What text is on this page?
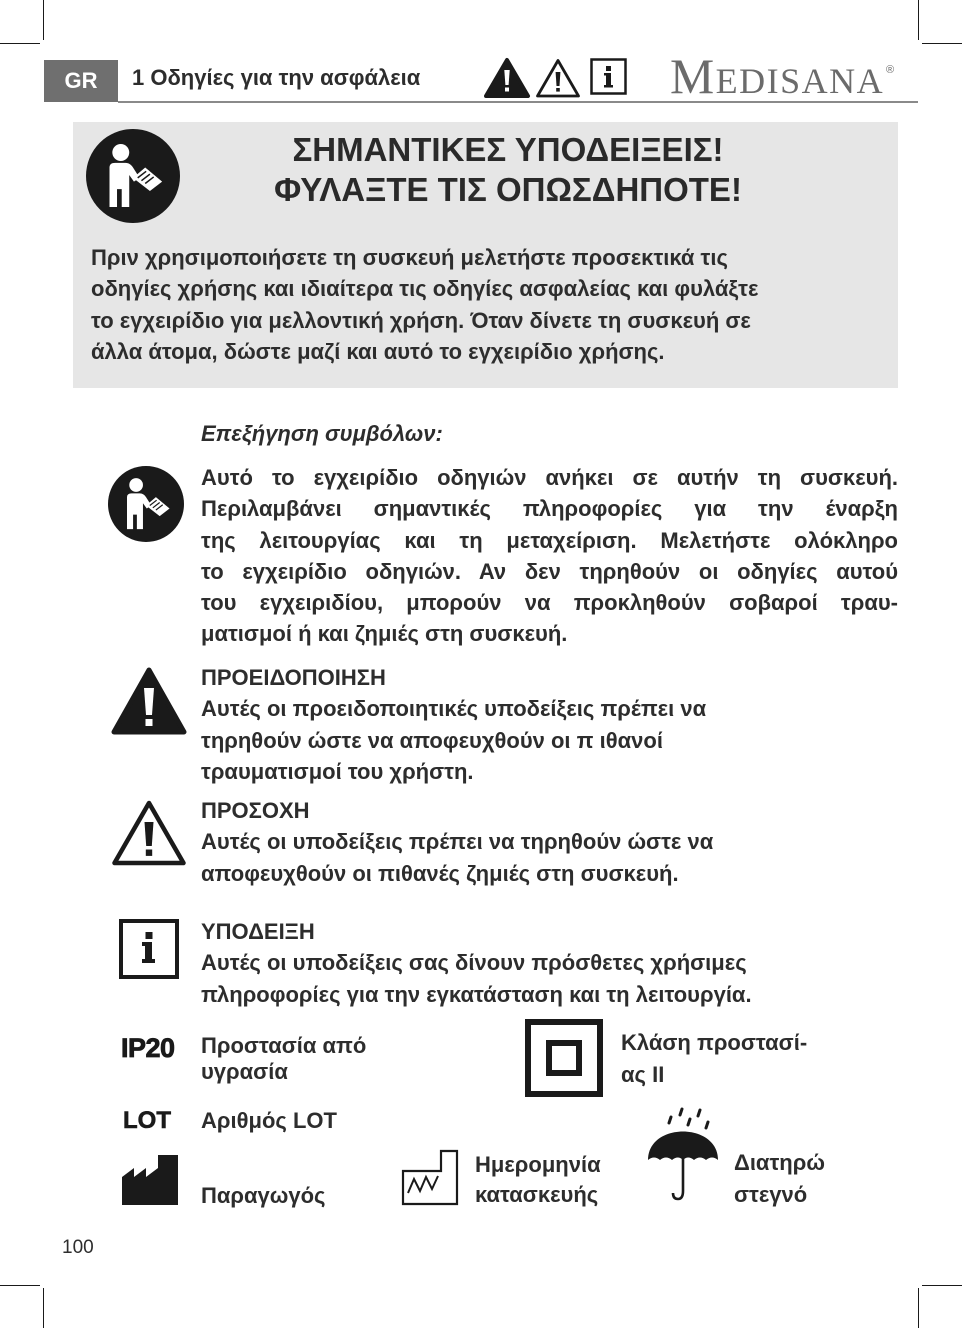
GR	1 Οδηγίες για την ασφάλεια	MEDISANA ®
ΣΗΜΑΝΤΙΚΕΣ ΥΠΟΔΕΙΞΕΙΣ!
ΦΥΛΑΞΤΕ ΤΙΣ ΟΠΩΣΔΗΠΟΤΕ!
Πριν χρησιμοποιήσετε τη συσκευή μελετήστε προσεκτικά τις
οδηγίες χρήσης και ιδιαίτερα τις οδηγίες ασφαλείας και φυλάξτε
το εγχειρίδιο για μελλοντική χρήση. Όταν δίνετε τη συσκευή σε
άλλα άτομα, δώστε μαζί και αυτό το εγχειρίδιο χρήσης.
Επεξήγηση συμβόλων:
Αυτό το εγχειρίδιο οδηγιών ανήκει σε αυτήν τη συσκευή.
Περιλαμβάνει σημαντικές πληροφορίες για την έναρξη
της λειτουργίας και τη μεταχείριση. Μελετήστε ολόκληρο
το εγχειρίδιο οδηγιών. Αν δεν τηρηθούν οι οδηγίες αυτού
του εγχειριδίου, μπορούν να προκληθούν σοβαροί τραυ-
ματισμοί ή και ζημιές στη συσκευή.
ΠΡΟΕΙΔΟΠΟΙΗΣΗ
Αυτές οι προειδοποιητικές υποδείξεις πρέπει να
τηρηθούν ώστε να αποφευχθούν οι π ιθανοί
τραυματισμοί του χρήστη.
ΠΡΟΣΟΧΗ
Αυτές οι υποδείξεις πρέπει να τηρηθούν ώστε να
αποφευχθούν οι πιθανές ζημιές στη συσκευή.
ΥΠΟΔΕΙΞΗ
Αυτές οι υποδείξεις σας δίνουν πρόσθετες χρήσιμες
πληροφορίες για την εγκατάσταση και τη λειτουργία.
IP20 Προστασία από
υγρασία
Κλάση προστασί-
ας II
LOT Αριθμός LOT
Παραγωγός
Ημερομηνία
κατασκευής
Διατηρώ
στεγνό
100
